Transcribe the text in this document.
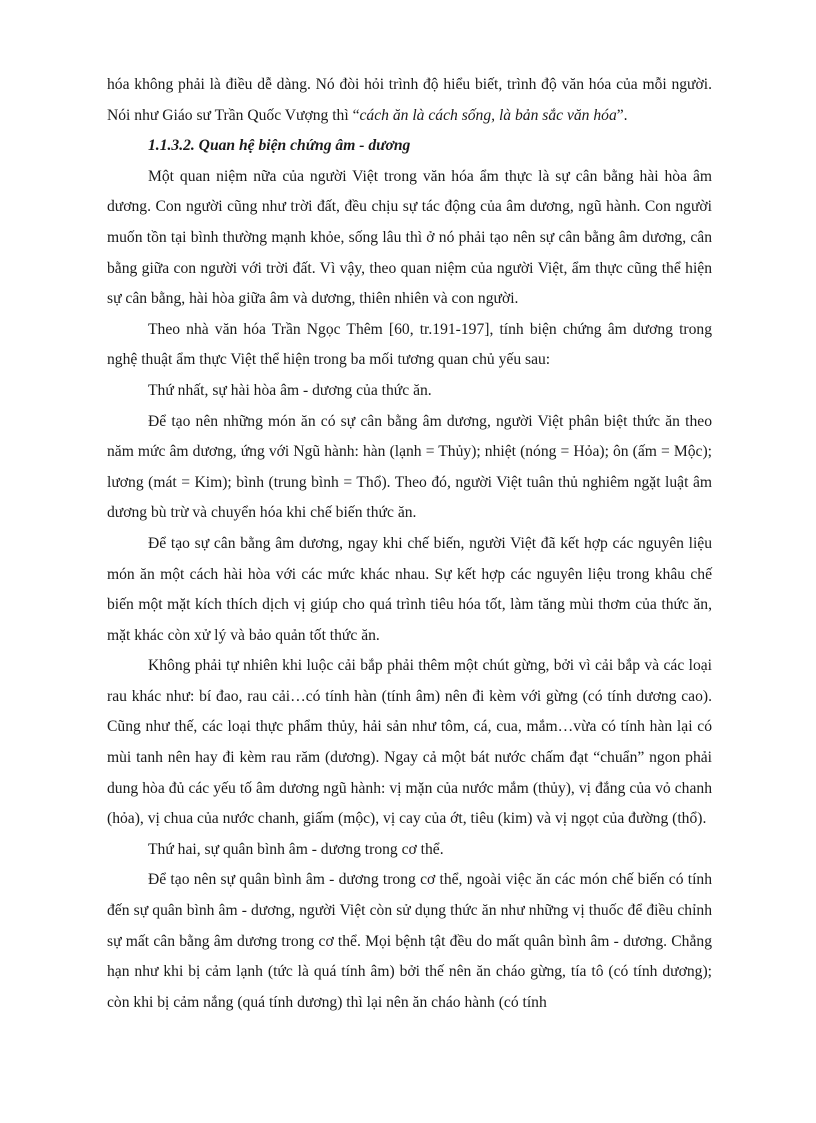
hóa không phải là điều dễ dàng. Nó đòi hỏi trình độ hiểu biết, trình độ văn hóa của mỗi người. Nói như Giáo sư Trần Quốc Vượng thì “cách ăn là cách sống, là bản sắc văn hóa”.

1.1.3.2. Quan hệ biện chứng âm - dương

Một quan niệm nữa của người Việt trong văn hóa ẩm thực là sự cân bằng hài hòa âm dương. Con người cũng như trời đất, đều chịu sự tác động của âm dương, ngũ hành. Con người muốn tồn tại bình thường mạnh khỏe, sống lâu thì ở nó phải tạo nên sự cân bằng âm dương, cân bằng giữa con người với trời đất. Vì vậy, theo quan niệm của người Việt, ẩm thực cũng thể hiện sự cân bằng, hài hòa giữa âm và dương, thiên nhiên và con người.

Theo nhà văn hóa Trần Ngọc Thêm [60, tr.191-197], tính biện chứng âm dương trong nghệ thuật ẩm thực Việt thể hiện trong ba mối tương quan chủ yếu sau:

Thứ nhất, sự hài hòa âm - dương của thức ăn.

Để tạo nên những món ăn có sự cân bằng âm dương, người Việt phân biệt thức ăn theo năm mức âm dương, ứng với Ngũ hành: hàn (lạnh = Thủy); nhiệt (nóng = Hỏa); ôn (ấm = Mộc); lương (mát = Kim); bình (trung bình = Thổ). Theo đó, người Việt tuân thủ nghiêm ngặt luật âm dương bù trừ và chuyển hóa khi chế biến thức ăn.

Để tạo sự cân bằng âm dương, ngay khi chế biến, người Việt đã kết hợp các nguyên liệu món ăn một cách hài hòa với các mức khác nhau. Sự kết hợp các nguyên liệu trong khâu chế biến một mặt kích thích dịch vị giúp cho quá trình tiêu hóa tốt, làm tăng mùi thơm của thức ăn, mặt khác còn xử lý và bảo quản tốt thức ăn.

Không phải tự nhiên khi luộc cải bắp phải thêm một chút gừng, bởi vì cải bắp và các loại rau khác như: bí đao, rau cải…có tính hàn (tính âm) nên đi kèm với gừng (có tính dương cao). Cũng như thế, các loại thực phẩm thủy, hải sản như tôm, cá, cua, mắm…vừa có tính hàn lại có mùi tanh nên hay đi kèm rau răm (dương). Ngay cả một bát nước chấm đạt “chuẩn” ngon phải dung hòa đủ các yếu tố âm dương ngũ hành: vị mặn của nước mắm (thủy), vị đắng của vỏ chanh (hỏa), vị chua của nước chanh, giấm (mộc), vị cay của ớt, tiêu (kim) và vị ngọt của đường (thổ).

Thứ hai, sự quân bình âm - dương trong cơ thể.

Để tạo nên sự quân bình âm - dương trong cơ thể, ngoài việc ăn các món chế biến có tính đến sự quân bình âm - dương, người Việt còn sử dụng thức ăn như những vị thuốc để điều chỉnh sự mất cân bằng âm dương trong cơ thể. Mọi bệnh tật đều do mất quân bình âm - dương. Chẳng hạn như khi bị cảm lạnh (tức là quá tính âm) bởi thế nên ăn cháo gừng, tía tô (có tính dương); còn khi bị cảm nắng (quá tính dương) thì lại nên ăn cháo hành (có tính
